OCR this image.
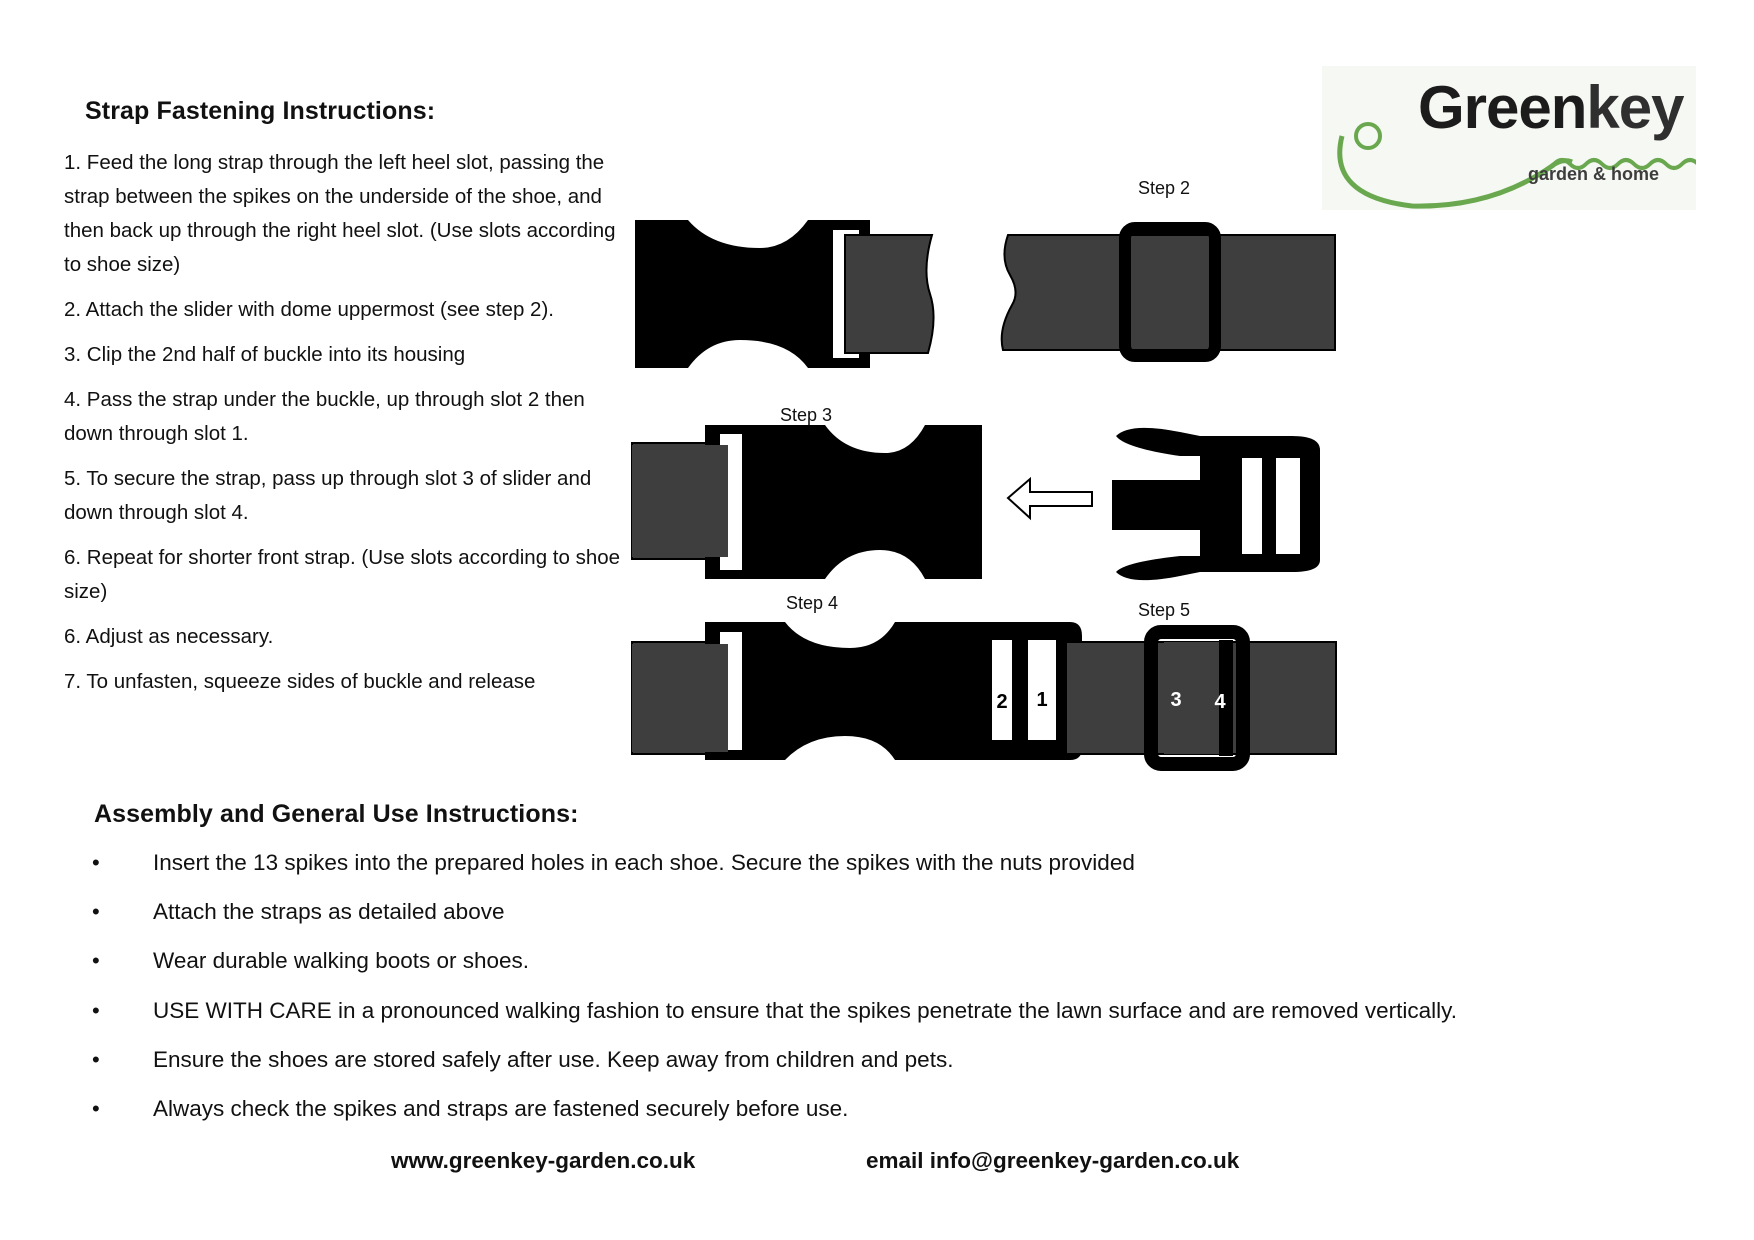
Strap Fastening Instructions:
1. Feed the long strap through the left heel slot, passing the strap between the spikes on the underside of the shoe, and then back up through the right heel slot. (Use slots according to shoe size)
2. Attach the slider with dome uppermost (see step 2).
3. Clip the 2nd half of buckle into its housing
4. Pass the strap under the buckle, up through slot 2 then down through slot 1.
5. To secure the strap, pass up through slot 3 of slider and down through slot 4.
6. Repeat for shorter front strap. (Use slots according to shoe size)
6. Adjust as necessary.
7. To unfasten, squeeze sides of buckle and release
Greenkey
garden & home
Step 2
Step 3
Step 4	Step 5
2 1	3 4
Assembly and General Use Instructions:
•	Insert the 13 spikes into the prepared holes in each shoe. Secure the spikes with the nuts provided
•	Attach the straps as detailed above
•	Wear durable walking boots or shoes.
•	USE WITH CARE in a pronounced walking fashion to ensure that the spikes penetrate the lawn surface and are removed vertically.
•	Ensure the shoes are stored safely after use. Keep away from children and pets.
•	Always check the spikes and straps are fastened securely before use.
www.greenkey-garden.co.uk	email info@greenkey-garden.co.uk
